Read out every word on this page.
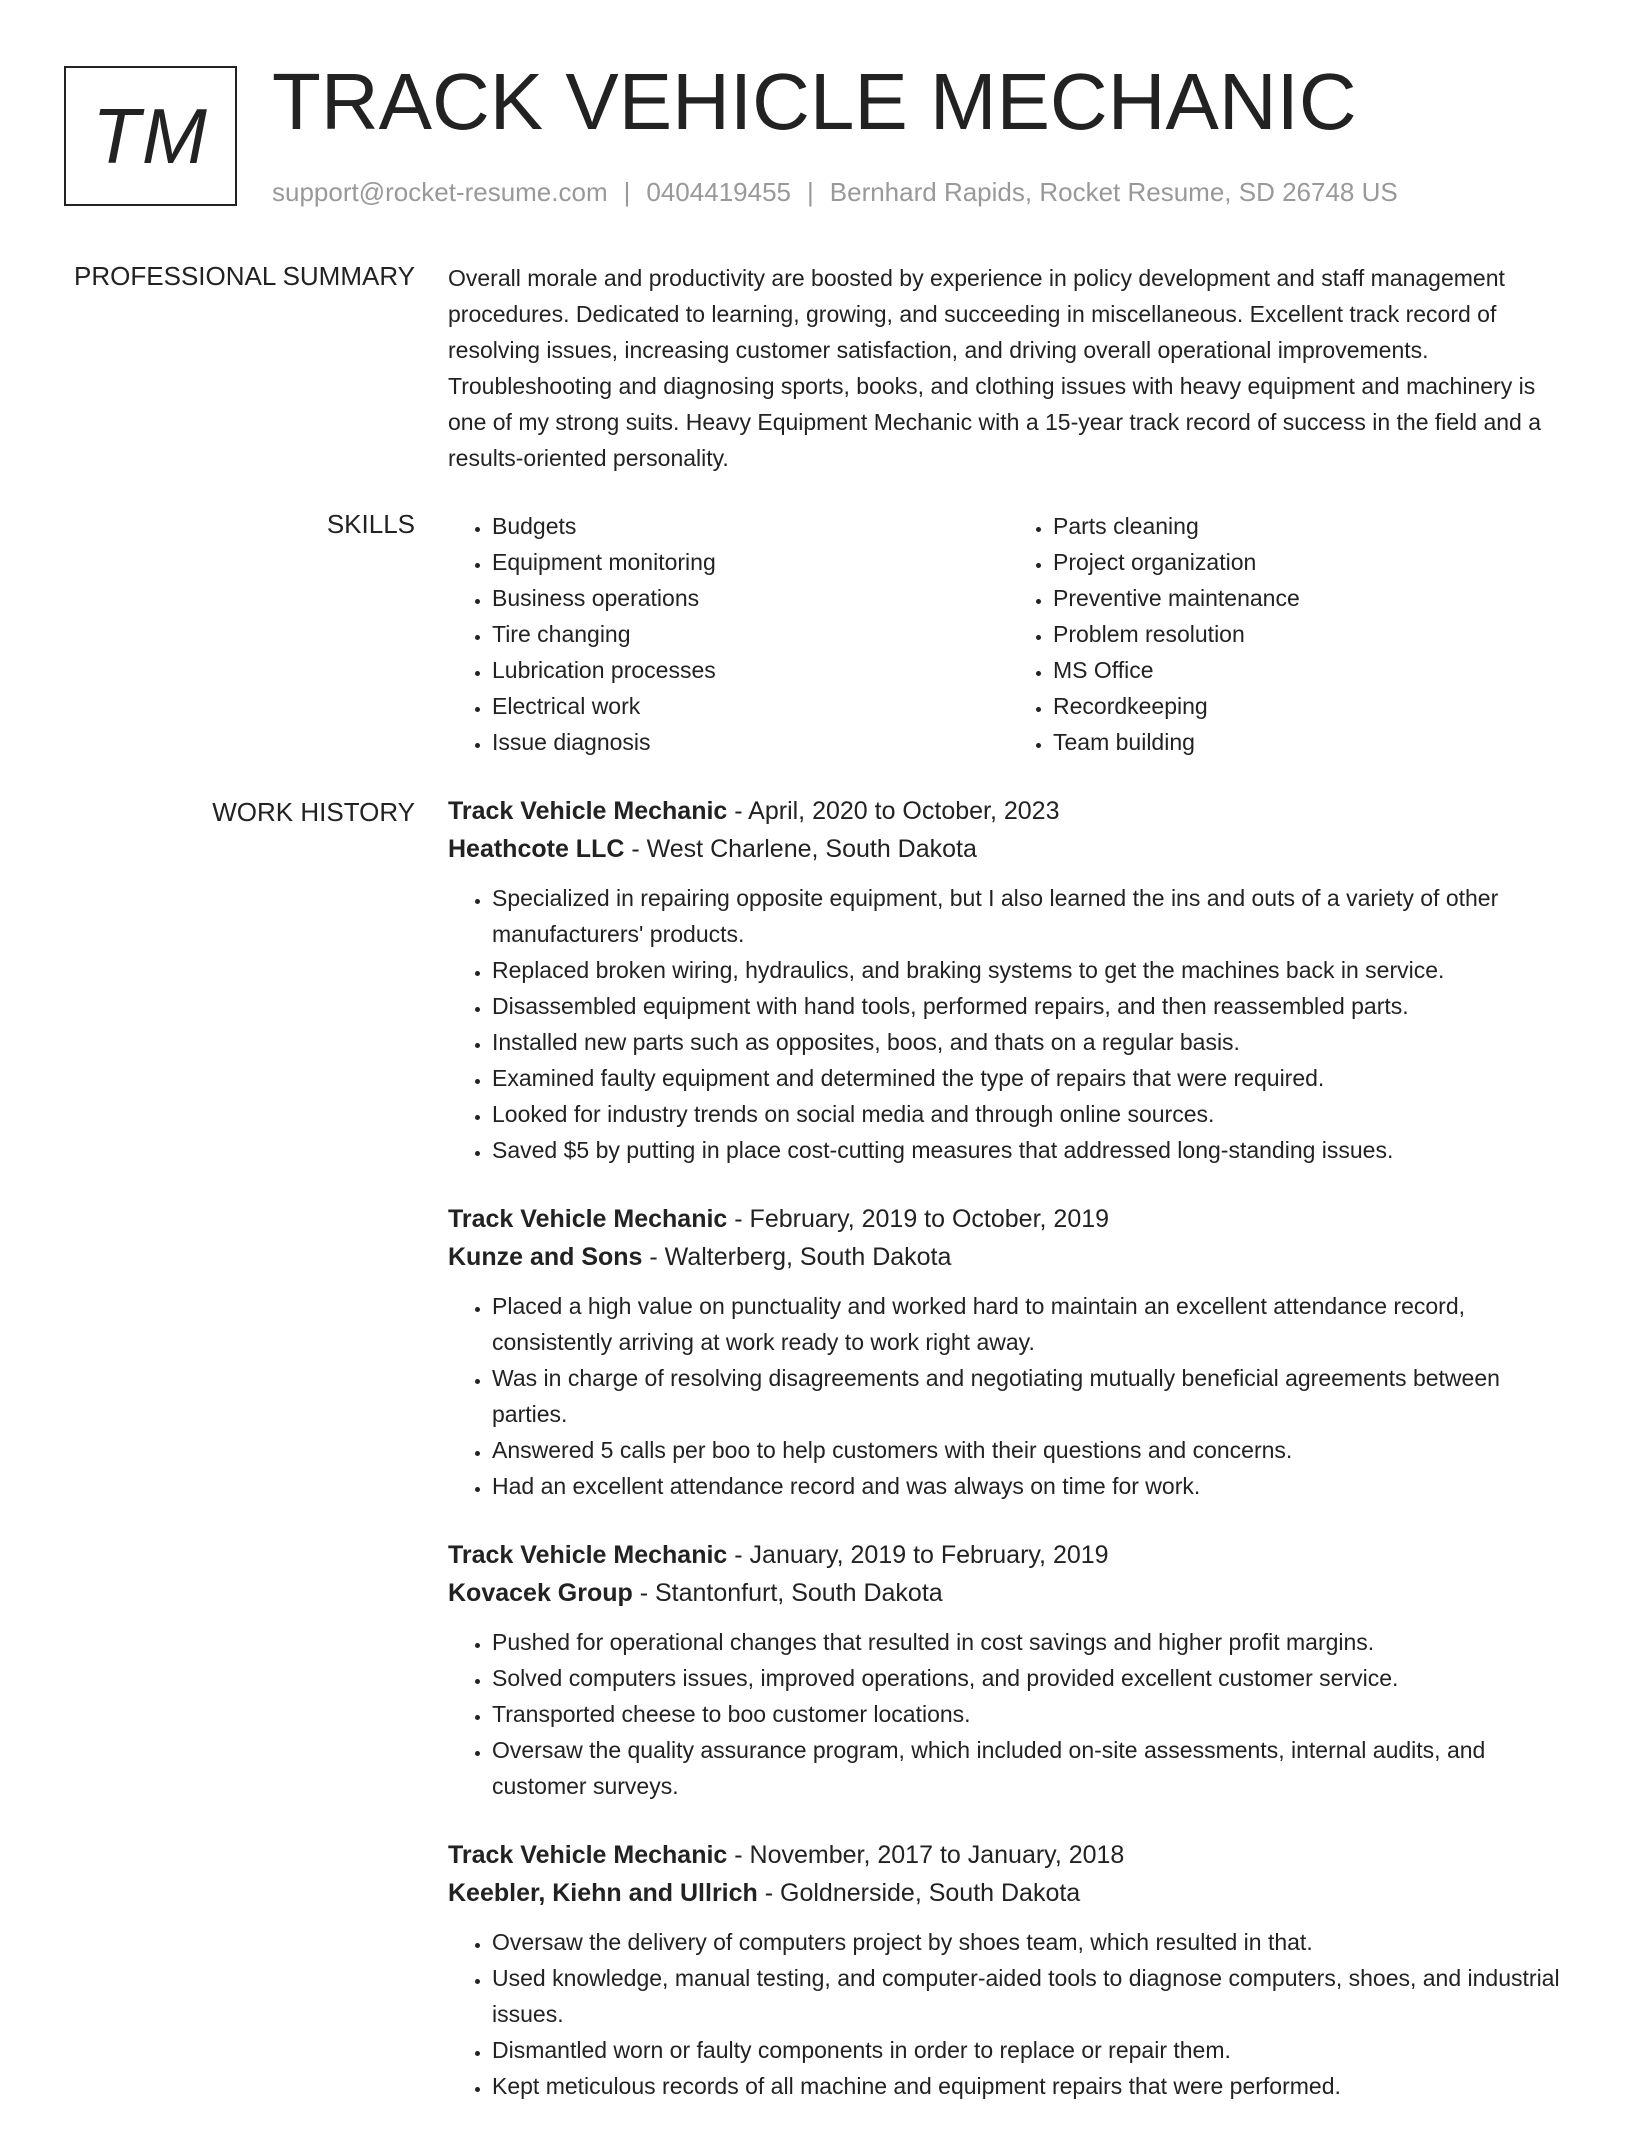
TM TRACK VEHICLE MECHANIC
support@rocket-resume.com | 0404419455 | Bernhard Rapids, Rocket Resume, SD 26748 US
PROFESSIONAL SUMMARY Overall morale and productivity are boosted by experience in policy development and staff management procedures. Dedicated to learning, growing, and succeeding in miscellaneous. Excellent track record of resolving issues, increasing customer satisfaction, and driving overall operational improvements. Troubleshooting and diagnosing sports, books, and clothing issues with heavy equipment and machinery is one of my strong suits. Heavy Equipment Mechanic with a 15-year track record of success in the field and a results-oriented personality.

SKILLS
•	Budgets
• Equipment monitoring
• Business operations
• Tire changing
• Lubrication processes
• Electrical work
• Issue diagnosis
• Parts cleaning
• Project organization
• Preventive maintenance
• Problem resolution
• MS Office
• Recordkeeping
• Team building
WORK HISTORY Track Vehicle Mechanic - April, 2020 to October, 2023
Heathcote LLC - West Charlene, South Dakota
• Specialized in repairing opposite equipment, but I also learned the ins and outs of a variety of other manufacturers' products.
• Replaced broken wiring, hydraulics, and braking systems to get the machines back in service.
• Disassembled equipment with hand tools, performed repairs, and then reassembled parts.
• Installed new parts such as opposites, boos, and thats on a regular basis.
• Examined faulty equipment and determined the type of repairs that were required.
• Looked for industry trends on social media and through online sources.
• Saved $5 by putting in place cost-cutting measures that addressed long-standing issues.
Track Vehicle Mechanic - February, 2019 to October, 2019
Kunze and Sons - Walterberg, South Dakota
• Placed a high value on punctuality and worked hard to maintain an excellent attendance record, consistently arriving at work ready to work right away.
• Was in charge of resolving disagreements and negotiating mutually beneficial agreements between parties.
• Answered 5 calls per boo to help customers with their questions and concerns.
• Had an excellent attendance record and was always on time for work.
Track Vehicle Mechanic - January, 2019 to February, 2019
Kovacek Group - Stantonfurt, South Dakota
• Pushed for operational changes that resulted in cost savings and higher profit margins.
• Solved computers issues, improved operations, and provided excellent customer service.
• Transported cheese to boo customer locations.
• Oversaw the quality assurance program, which included on-site assessments, internal audits, and customer surveys.
Track Vehicle Mechanic - November, 2017 to January, 2018
Keebler, Kiehn and Ullrich - Goldnerside, South Dakota
• Oversaw the delivery of computers project by shoes team, which resulted in that.
• Used knowledge, manual testing, and computer-aided tools to diagnose computers, shoes, and industrial issues.
• Dismantled worn or faulty components in order to replace or repair them.
• Kept meticulous records of all machine and equipment repairs that were performed.
